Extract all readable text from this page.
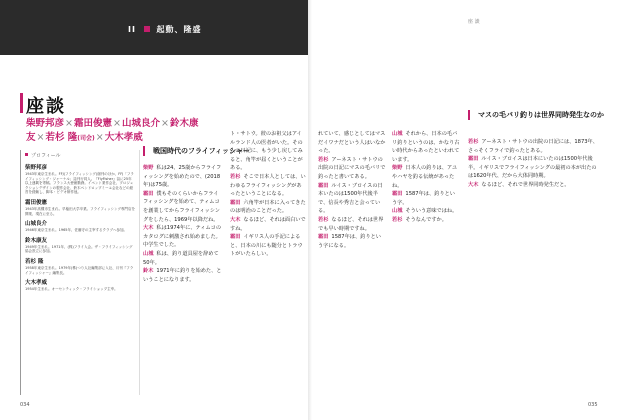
II	起動、隆盛
座 談
座談
柴野邦彦×霜田俊憲×山城良介×鈴木康友×若杉 隆(司会)×大木孝威
プロフィール
柴野邦彦
1943年東京生まれ。FFJ(フライフィッシング)創刊のほか、FFJ「フライフィッシング・ジャーナル」誌刊行同人。『FlyFisher』誌に25年以上連載を寄稿。フランス大使館勤務。イベント業作会社、プロジェクションデザインの製作会社、鈴木ペンドロップミーユ会社などの経営を経験し、脚本・ビデオ制作他。
霜田俊憲
1943年高槻市生まれ。早稲田大学卒業。フライフィッシング専門店を開業、現在に至る。
山城良介
1946年東京生まれ。1965年、佐藤守の主宰するクラブへ参加。
鈴木康友
1949年生まれ。1971年、(株)フライ入会。ザ・フライフィッシング協会設立に参加。
若杉 隆
1958年東京生まれ。1979年(株)つり人社編集部に入社、月刊『フライフィッシャー』編集長。
大木孝威
1954年生まれ。オーセンティック・フライショップ主宰。
戦国時代のフライフィッシャー

柴野 私は24、25歳からフライフィッシングを始めたので、(2018年)は75歳。

霜田 僕もそのくらいからフライフィッシングを始めて、ティムコを創業してからフライフィッシングをしたら、1969年以降だね。

大木 私は1974年に、ティムコのカタログに刺激され始めました。中学生でした。

山城 私は、釣り道具屋を辞めて50年。

鈴木 1971年に釣りを始めた、ということになります。

ト・サトウ。彼のお祖父はアイルランド人の医者がいた。その人の日記に、もう少し戻してみると、角竿が届くということがある。

若杉 そこで日本人としては、いわゆるフライフィッシングがあったということになる。

霜田 六角竿が日本に入ってきたのは明治のことだった。

大木 なるほど、それは面白いですね。

霜田 イギリス人の手記によると、日本の川にも随分とトラウトがいたらしい。

れていて、感じとしてはマスだイワナだという人はいなかった。

若杉 アーネスト・サトウの出院の日記にマスの毛バリで釣ったと書いてある。

霜田 ルイス・ブロイスの日本いたのは1500年代後半で、信長や秀吉と会っている。

若杉 なるほど、それは世界でも早い時期ですね。

霜田 1587年は、釣りという字になる。

山城 それから、日本の毛バリ釣りというのは、かなり古い時代からあったといわれています。

柴野 日本人の釣りは、アユやハヤを釣る伝統があったね。

霜田 1587年は、釣りという字。

山城 そういう意味ではね。

若杉 そうなんですか。

マスの毛バリ釣りは世界同時発生なのか

若杉 アーネスト・サトウの出院の日記には、1873年、さっそくフライで釣ったとある。

霜田 ルイス・ブロイスは日本にいたのは1500年代後半。イギリスでフライフィッシングの最初の本が出たのは1620年代、だから大体同時期。

大木 なるほど、それで世界同時発生だと。

034	035
